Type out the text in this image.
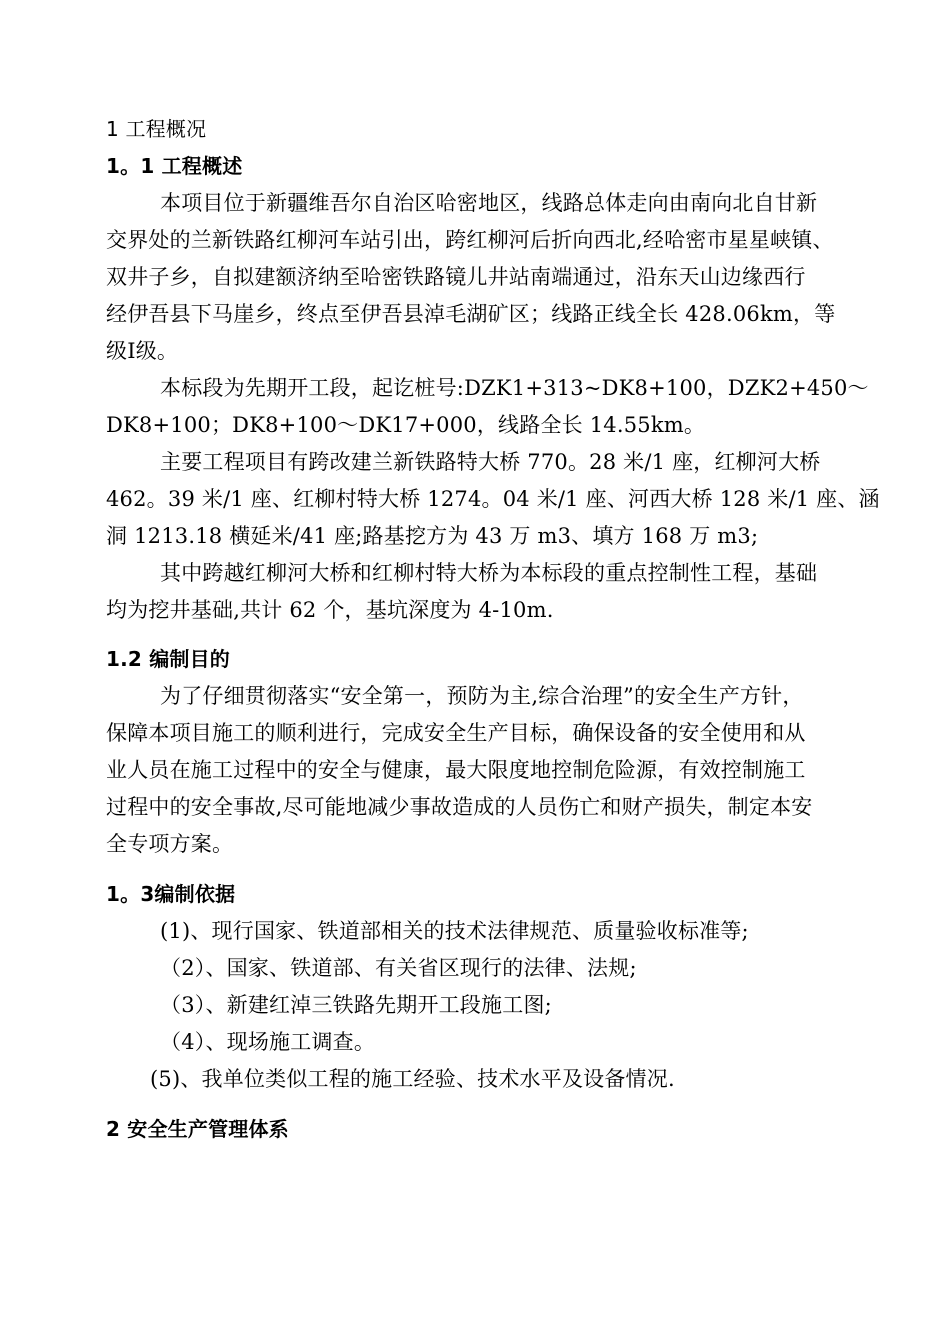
1 工程概况
1。1 工程概述
本项目位于新疆维吾尔自治区哈密地区，线路总体走向由南向北自甘新
交界处的兰新铁路红柳河车站引出，跨红柳河后折向西北,经哈密市星星峡镇、
双井子乡，自拟建额济纳至哈密铁路镜儿井站南端通过，沿东天山边缘西行
经伊吾县下马崖乡，终点至伊吾县淖毛湖矿区；线路正线全长 428.06km，等
级Ⅰ级。
本标段为先期开工段，起讫桩号:DZK1+313~DK8+100，DZK2+450～
DK8+100；DK8+100～DK17+000，线路全长 14.55km。
主要工程项目有跨改建兰新铁路特大桥 770。28 米/1 座，红柳河大桥
462。39 米/1 座、红柳村特大桥 1274。04 米/1 座、河西大桥 128 米/1 座、涵
洞 1213.18 横延米/41 座;路基挖方为 43 万 m3、填方 168 万 m3;
其中跨越红柳河大桥和红柳村特大桥为本标段的重点控制性工程，基础
均为挖井基础,共计 62 个，基坑深度为 4-10m.
1.2 编制目的
为了仔细贯彻落实“安全第一，预防为主,综合治理”的安全生产方针，
保障本项目施工的顺利进行，完成安全生产目标，确保设备的安全使用和从
业人员在施工过程中的安全与健康，最大限度地控制危险源，有效控制施工
过程中的安全事故,尽可能地减少事故造成的人员伤亡和财产损失，制定本安
全专项方案。
1。3编制依据
(1)、现行国家、铁道部相关的技术法律规范、质量验收标准等;
（2）、国家、铁道部、有关省区现行的法律、法规;
（3）、新建红淖三铁路先期开工段施工图;
（4）、现场施工调查。
(5)、我单位类似工程的施工经验、技术水平及设备情况.
2 安全生产管理体系
